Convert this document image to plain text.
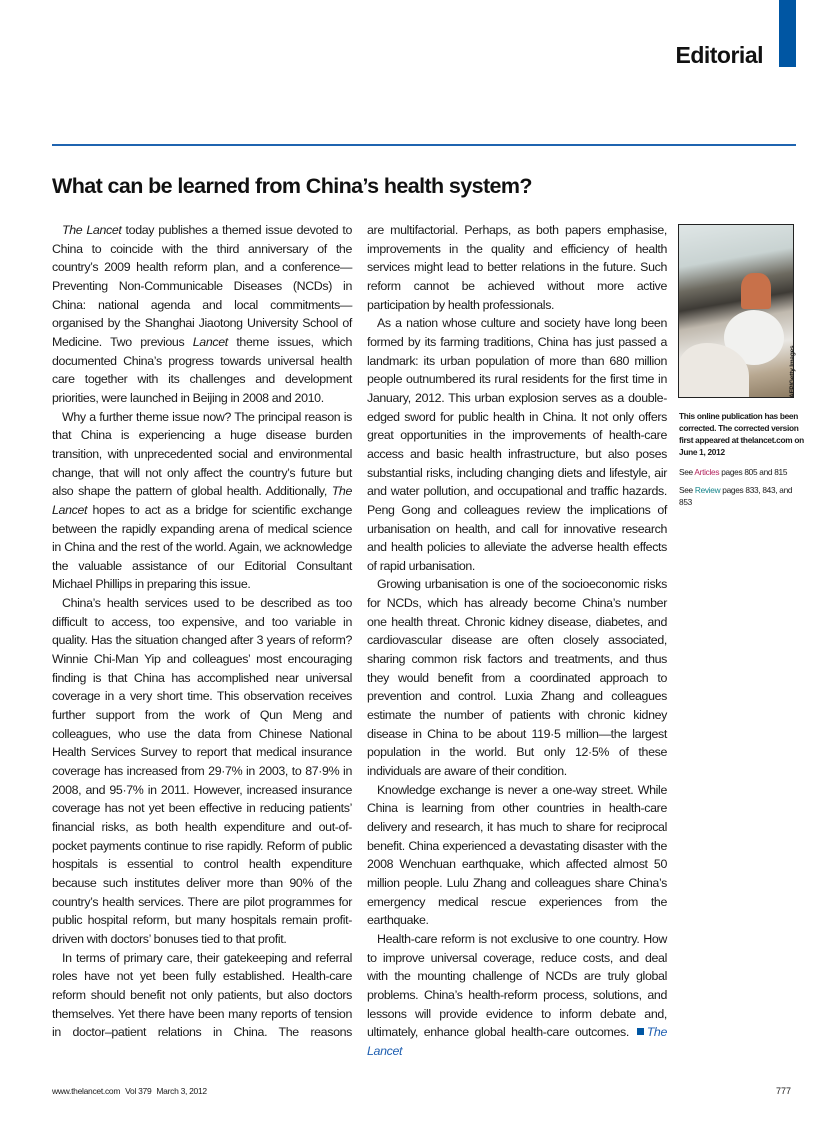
Editorial
What can be learned from China’s health system?

The Lancet today publishes a themed issue devoted to China to coincide with the third anniversary of the country’s 2009 health reform plan, and a conference—Preventing Non-Communicable Diseases (NCDs) in China: national agenda and local commitments—organised by the Shanghai Jiaotong University School of Medicine. Two previous Lancet theme issues, which documented China’s progress towards universal health care together with its challenges and development priorities, were launched in Beijing in 2008 and 2010.

Why a further theme issue now? The principal reason is that China is experiencing a huge disease burden transition, with unprecedented social and environmental change, that will not only affect the country’s future but also shape the pattern of global health. Additionally, The Lancet hopes to act as a bridge for scientific exchange between the rapidly expanding arena of medical science in China and the rest of the world. Again, we acknowledge the valuable assistance of our Editorial Consultant Michael Phillips in preparing this issue.

China’s health services used to be described as too difficult to access, too expensive, and too variable in quality. Has the situation changed after 3 years of reform? Winnie Chi-Man Yip and colleagues’ most encouraging finding is that China has accomplished near universal coverage in a very short time. This observation receives further support from the work of Qun Meng and colleagues, who use the data from Chinese National Health Services Survey to report that medical insurance coverage has increased from 29·7% in 2003, to 87·9% in 2008, and 95·7% in 2011. However, increased insurance coverage has not yet been effective in reducing patients’ financial risks, as both health expenditure and out-of-pocket payments continue to rise rapidly. Reform of public hospitals is essential to control health expenditure because such institutes deliver more than 90% of the country’s health services. There are pilot programmes for public hospital reform, but many hospitals remain profit-driven with doctors’ bonuses tied to that profit.

In terms of primary care, their gatekeeping and referral roles have not yet been fully established. Health-care reform should benefit not only patients, but also doctors themselves. Yet there have been many reports of tension in doctor–patient relations in China. The reasons

are multifactorial. Perhaps, as both papers emphasise, improvements in the quality and efficiency of health services might lead to better relations in the future. Such reform cannot be achieved without more active participation by health professionals.

As a nation whose culture and society have long been formed by its farming traditions, China has just passed a landmark: its urban population of more than 680 million people outnumbered its rural residents for the first time in January, 2012. This urban explosion serves as a double-edged sword for public health in China. It not only offers great opportunities in the improvements of health-care access and basic health infrastructure, but also poses substantial risks, including changing diets and lifestyle, air and water pollution, and occupational and traffic hazards. Peng Gong and colleagues review the implications of urbanisation on health, and call for innovative research and health policies to alleviate the adverse health effects of rapid urbanisation.

Growing urbanisation is one of the socioeconomic risks for NCDs, which has already become China’s number one health threat. Chronic kidney disease, diabetes, and cardiovascular disease are often closely associated, sharing common risk factors and treatments, and thus they would benefit from a coordinated approach to prevention and control. Luxia Zhang and colleagues estimate the number of patients with chronic kidney disease in China to be about 119·5 million—the largest population in the world. But only 12·5% of these individuals are aware of their condition.

Knowledge exchange is never a one-way street. While China is learning from other countries in health-care delivery and research, it has much to share for reciprocal benefit. China experienced a devastating disaster with the 2008 Wenchuan earthquake, which affected almost 50 million people. Lulu Zhang and colleagues share China’s emergency medical rescue experiences from the earthquake.

Health-care reform is not exclusive to one country. How to improve universal coverage, reduce costs, and deal with the mounting challenge of NCDs are truly global problems. China’s health-reform process, solutions, and lessons will provide evidence to inform debate and, ultimately, enhance global health-care outcomes. The Lancet

AFP/Getty Images
This online publication has been corrected. The corrected version first appeared at thelancet.com on June 1, 2012
See Articles pages 805 and 815
See Review pages 833, 843, and 853
www.thelancet.com Vol 379 March 3, 2012	777
